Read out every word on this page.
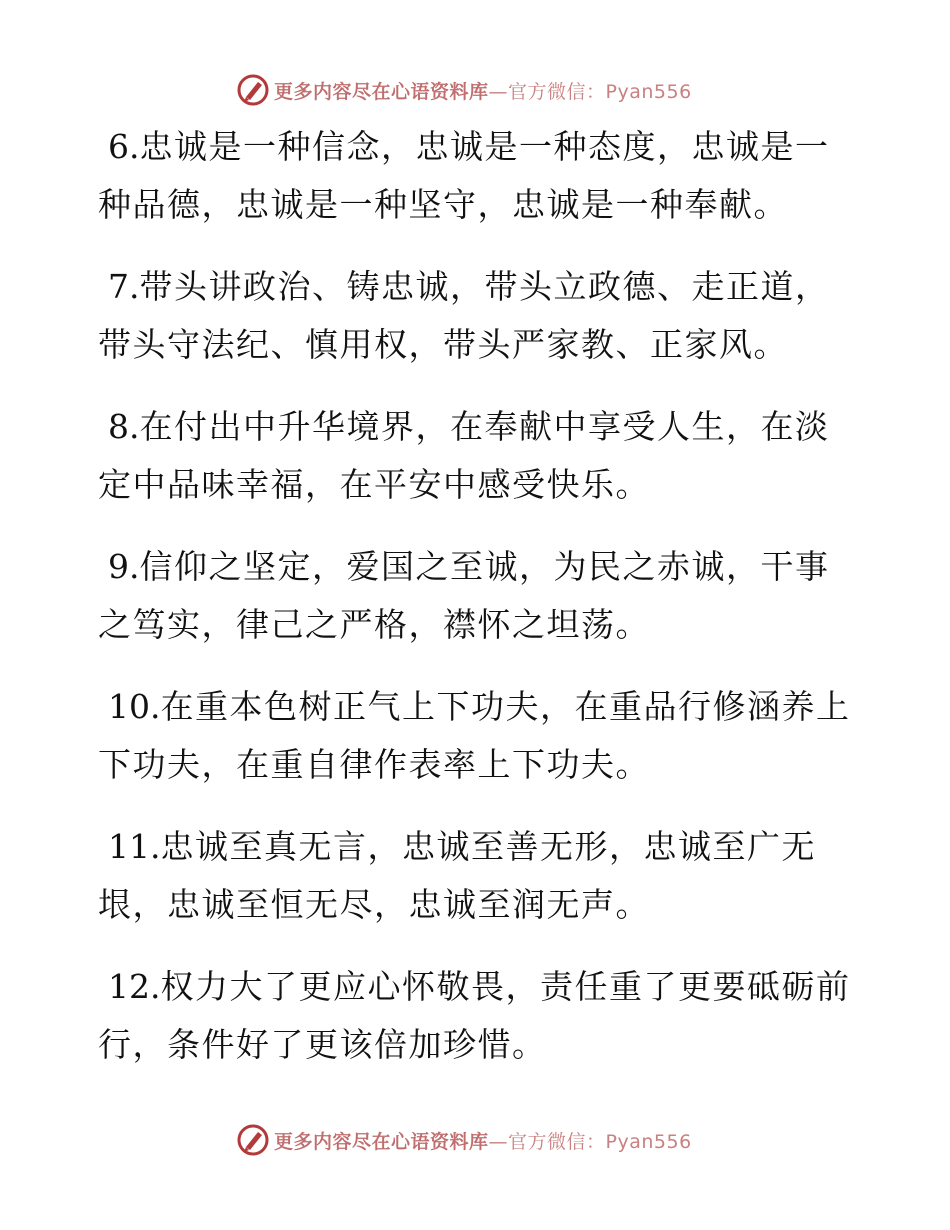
更多内容尽在心语资料库—官方微信：Pyan556

6.忠诚是一种信念，忠诚是一种态度，忠诚是一种品德，忠诚是一种坚守，忠诚是一种奉献。

7.带头讲政治、铸忠诚，带头立政德、走正道，带头守法纪、慎用权，带头严家教、正家风。

8.在付出中升华境界，在奉献中享受人生，在淡定中品味幸福，在平安中感受快乐。

9.信仰之坚定，爱国之至诚，为民之赤诚，干事之笃实，律己之严格，襟怀之坦荡。

10.在重本色树正气上下功夫，在重品行修涵养上下功夫，在重自律作表率上下功夫。

11.忠诚至真无言，忠诚至善无形，忠诚至广无垠，忠诚至恒无尽，忠诚至润无声。

12.权力大了更应心怀敬畏，责任重了更要砥砺前行，条件好了更该倍加珍惜。

更多内容尽在心语资料库—官方微信：Pyan556
